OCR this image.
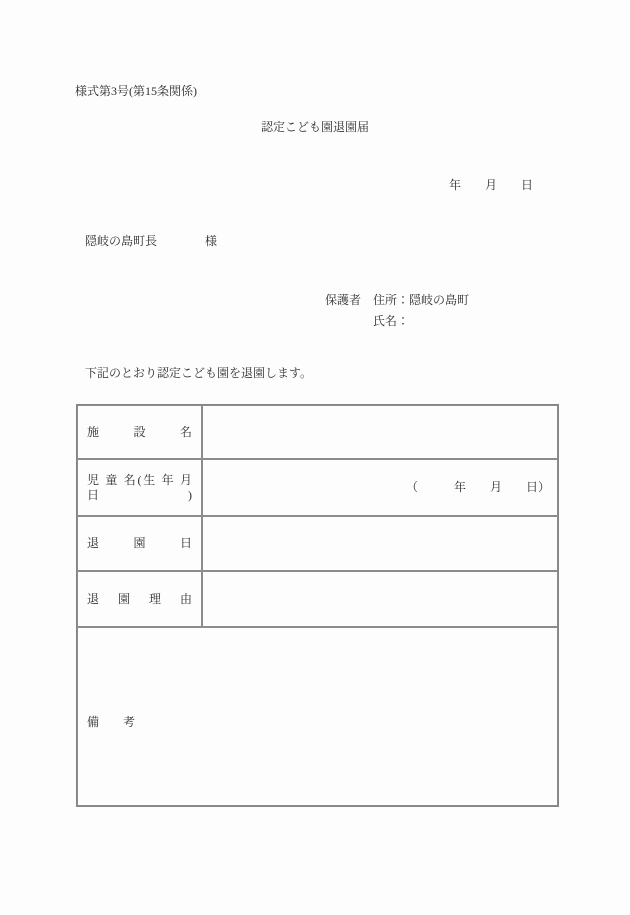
様式第3号(第15条関係)
認定こども園退園届
年　　月　　日
隠岐の島町長　　　　様
保護者　住所：隠岐の島町
氏名：
下記のとおり認定こども園を退園します。
施 設 名	
児 童 名(生 年 月 日)	（　　　年　　月　　日）
退 園 日	
退 園 理 由	
備　　考	
